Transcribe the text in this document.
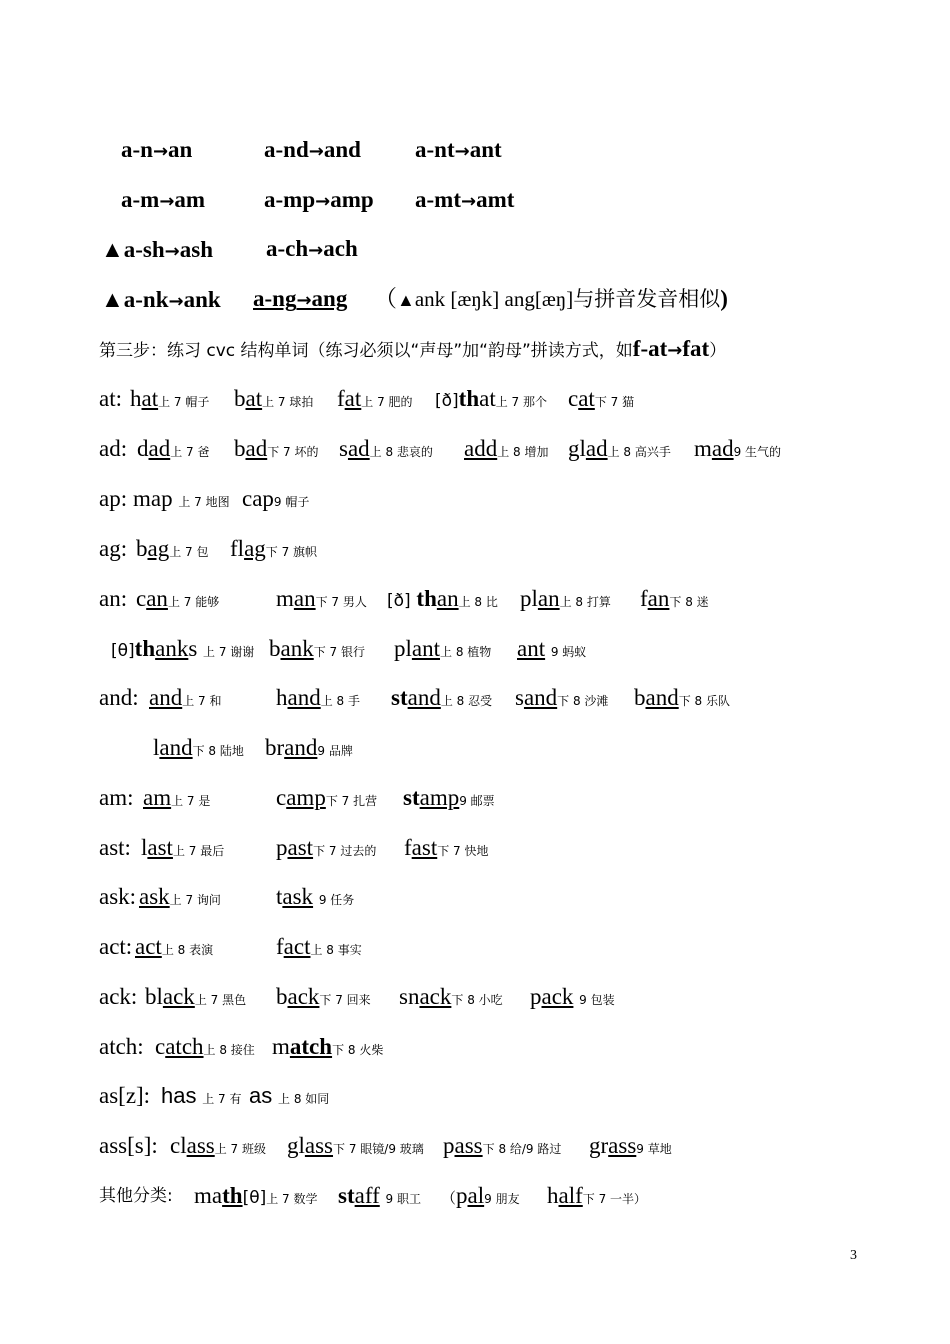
a-n→an	a-nd→and a-nt→ant
a-m→am	a-mp→amp a-mt→amt
▲a-sh→ash a-ch→ach
▲a-nk→ank a-ng→ang （▲ank [æŋk] ang[æŋ]与拼音发音相似)
第三步：练习 cvc 结构单词（练习必须以“声母”加“韵母”拼读方式，如f-at→fat）
at: hat上 7 帽子 bat上 7 球拍 fat上 7 肥的 [ð]that上 7 那个 cat下 7 猫
ad: dad上 7 爸 bad下 7 坏的 sad上 8 悲哀的 add上 8 增加 glad上 8 高兴手 mad9 生气的
ap: map 上 7 地图 cap9 帽子
ag: bag上 7 包 flag下 7 旗帜
an: can上 7 能够 man下 7 男人 [ð] than上 8 比 plan上 8 打算 fan下 8 迷
[θ]thanks 上 7 谢谢 bank下 7 银行 plant上 8 植物 ant 9 蚂蚁
and: and上 7 和 hand上 8 手 stand上 8 忍受 sand下 8 沙滩 band下 8 乐队
land下 8 陆地 brand9 品牌
am: am上 7 是	camp下 7 扎营 stamp9 邮票
ast: last上 7 最后 past下 7 过去的 fast下 7 快地
ask: ask上 7 询问 task 9 任务
act: act上 8 表演	fact上 8 事实
ack: black上 7 黑色 back下 7 回来 snack下 8 小吃 pack 9 包装
atch: catch上 8 接住 match下 8 火柴
as[z]: has 上 7 有 as 上 8 如同
ass[s]: class上 7 班级 glass下 7 眼镜/9 玻璃 pass下 8 给/9 路过 grass9 草地
其他分类: math[θ]上 7 数学 staff 9 职工 （pal9 朋友 half下 7 一半）
3
